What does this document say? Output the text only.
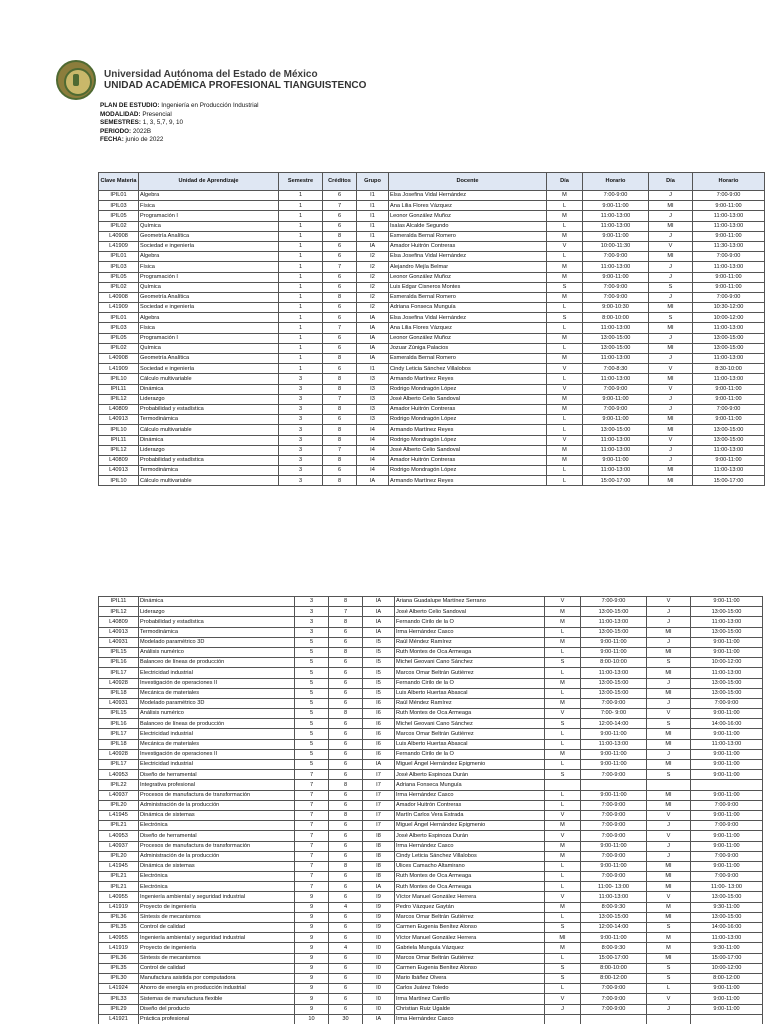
Universidad Autónoma del Estado de México
UNIDAD ACADÉMICA PROFESIONAL TIANGUISTENCO
PLAN DE ESTUDIO: Ingeniería en Producción Industrial
MODALIDAD: Presencial
SEMESTRES: 1, 3, 5,7, 9, 10
PERIODO: 2022B
FECHA: junio de 2022
Clave Materia	Unidad de Aprendizaje	Semestre	Créditos	Grupo	Docente	Día	Horario	Día	Horario
IPIL01	Algebra	1	6	I1	Elsa Josefina Vidal Hernández	M	7:00-9:00	J	7:00-9:00
IPIL03	Física	1	7	I1	Ana Lilia Flores Vázquez	L	9:00-11:00	MI	9:00-11:00
IPIL05	Programación I	1	6	I1	Leonor González Muñoz	M	11:00-13:00	J	11:00-13:00
IPIL02	Química	1	6	I1	Isaías Alcalde Segundo	L	11:00-13:00	MI	11:00-13:00
L40908	Geometría Analítica	1	8	I1	Esmeralda Bernal Romero	M	9:00-11:00	J	9:00-11:00
L41909	Sociedad e ingeniería	1	6	IA	Amador Huitrón Contreras	V	10:00-11:30	V	11:30-13:00
IPIL01	Algebra	1	6	I2	Elsa Josefina Vidal Hernández	L	7:00-9:00	MI	7:00-9:00
IPIL03	Física	1	7	I2	Alejandro Mejía Belmar	M	11:00-13:00	J	11:00-13:00
IPIL05	Programación I	1	6	I2	Leonor González Muñoz	M	9:00-11:00	J	9:00-11:00
IPIL02	Química	1	6	I2	Luis Edgar Cisneros Montes	S	7:00-9:00	S	9:00-11:00
L40908	Geometría Analítica	1	8	I2	Esmeralda Bernal Romero	M	7:00-9:00	J	7:00-9:00
L41909	Sociedad e ingeniería	1	6	I2	Adriana Fonseca Munguía	L	9:00-10:30	MI	10:30-12:00
IPIL01	Algebra	1	6	IA	Elsa Josefina Vidal Hernández	S	8:00-10:00	S	10:00-12:00
IPIL03	Física	1	7	IA	Ana Lilia Flores Vázquez	L	11:00-13:00	MI	11:00-13:00
IPIL05	Programación I	1	6	IA	Leonor González Muñoz	M	13:00-15:00	J	13:00-15:00
IPIL02	Química	1	6	IA	Jozuar Zúniga Palacios	L	13:00-15:00	MI	13:00-15:00
L40908	Geometría Analítica	1	8	IA	Esmeralda Bernal Romero	M	11:00-13:00	J	11:00-13:00
L41909	Sociedad e ingeniería	1	6	I1	Cindy Leticia Sánchez Villalobos	V	7:00-8:30	V	8:30-10:00
IPIL10	Cálculo multivariable	3	8	I3	Armando Martínez Reyes	L	11:00-13:00	MI	11:00-13:00
IPIL11	Dinámica	3	8	I3	Rodrigo Mondragón López	V	7:00-9:00	V	9:00-11:00
IPIL12	Liderazgo	3	7	I3	José Alberto Celio Sandoval	M	9:00-11:00	J	9:00-11:00
L40809	Probabilidad y estadística	3	8	I3	Amador Huitrón Contreras	M	7:00-9:00	J	7:00-9:00
L40913	Termodinámica	3	6	I3	Rodrigo Mondragón López	L	9:00-11:00	MI	9:00-11:00
IPIL10	Cálculo multivariable	3	8	I4	Armando Martínez Reyes	L	13:00-15:00	MI	13:00-15:00
IPIL11	Dinámica	3	8	I4	Rodrigo Mondragón López	V	11:00-13:00	V	13:00-15:00
IPIL12	Liderazgo	3	7	I4	José Alberto Celio Sandoval	M	11:00-13:00	J	11:00-13:00
L40809	Probabilidad y estadística	3	8	I4	Amador Huitrón Contreras	M	9:00-11:00	J	9:00-11:00
L40913	Termodinámica	3	6	I4	Rodrigo Mondragón López	L	11:00-13:00	MI	11:00-13:00
IPIL10	Cálculo multivariable	3	8	IA	Armando Martínez Reyes	L	15:00-17:00	MI	15:00-17:00
IPIL11	Dinámica	3	8	IA	Ariana Guadalupe Martínez Serrano	V	7:00-9:00	V	9:00-11:00
IPIL12	Liderazgo	3	7	IA	José Alberto Celio Sandoval	M	13:00-15:00	J	13:00-15:00
L40809	Probabilidad y estadística	3	8	IA	Fernando Cirilo de la O	M	11:00-13:00	J	11:00-13:00
L40913	Termodinámica	3	6	IA	Irma Hernández Casco	L	13:00-15:00	MI	13:00-15:00
L40931	Modelado paramétrico 3D	5	6	I5	Raúl Méndez Ramírez	M	9:00-11:00	J	9:00-11:00
IPIL15	Análisis numérico	5	8	I5	Ruth Montes de Oca Armeaga	L	9:00-11:00	MI	9:00-11:00
IPIL16	Balanceo de líneas de producción	5	6	I5	Michel Geovani Cano Sánchez	S	8:00-10:00	S	10:00-12:00
IPIL17	Electricidad industrial	5	6	I5	Marcos Omar Beltrán Gutiérrez	L	11:00-13:00	MI	11:00-13:00
L40928	Investigación de operaciones II	5	6	I5	Fernando Cirilo de la O	M	13:00-15:00	J	13:00-15:00
IPIL18	Mecánica de materiales	5	6	I5	Luis Alberto Huertas Abascal	L	13:00-15:00	MI	13:00-15:00
L40931	Modelado paramétrico 3D	5	6	I6	Raúl Méndez Ramírez	M	7:00-9:00	J	7:00-9:00
IPIL15	Análisis numérico	5	8	I6	Ruth Montes de Oca Armeaga	V	7:00- 9:00	V	9:00-11:00
IPIL16	Balanceo de líneas de producción	5	6	I6	Michel Geovani Cano Sánchez	S	12:00-14:00	S	14:00-16:00
IPIL17	Electricidad industrial	5	6	I6	Marcos Omar Beltrán Gutiérrez	L	9:00-11:00	MI	9:00-11:00
IPIL18	Mecánica de materiales	5	6	I6	Luis Alberto Huertas Abascal	L	11:00-13:00	MI	11:00-13:00
L40928	Investigación de operaciones II	5	6	I6	Fernando Cirilo de la O	M	9:00-11:00	J	9:00-11:00
IPIL17	Electricidad industrial	5	6	IA	Miguel Ángel Hernández Epigmenio	L	9:00-11:00	MI	9:00-11:00
L40953	Diseño de herramental	7	6	I7	José Alberto Espinoza Durán	S	7:00-9:00	S	9:00-11:00
IPIL22	Integrativa profesional	7	8	I7	Adriana Fonseca Munguía				
L40937	Procesos de manufactura de transformación	7	6	I7	Irma Hernández Casco	L	9:00-11:00	MI	9:00-11:00
IPIL20	Administración de la producción	7	6	I7	Amador Huitrón Contreras	L	7:00-9:00	MI	7:00-9:00
L41945	Dinámica de sistemas	7	8	I7	Martín Carlos Vera Estrada	V	7:00-9:00	V	9:00-11:00
IPIL21	Electrónica	7	6	I7	Miguel Ángel Hernández Epigmenio	M	7:00-9:00	J	7:00-9:00
L40953	Diseño de herramental	7	6	I8	José Alberto Espinoza Durán	V	7:00-9:00	V	9:00-11:00
L40937	Procesos de manufactura de transformación	7	6	I8	Irma Hernández Casco	M	9:00-11:00	J	9:00-11:00
IPIL20	Administración de la producción	7	6	I8	Cindy Leticia Sánchez Villalobos	M	7:00-9:00	J	7:00-9:00
L41945	Dinámica de sistemas	7	8	I8	Ulices Camacho Altamirano	L	9:00-11:00	MI	9:00-11:00
IPIL21	Electrónica	7	6	I8	Ruth Montes de Oca Armeaga	L	7:00-9:00	MI	7:00-9:00
IPIL21	Electrónica	7	6	IA	Ruth Montes de Oca Armeaga	L	11:00- 13:00	MI	11:00- 13:00
L40955	Ingeniería ambiental y seguridad industrial	9	6	I9	Víctor Manuel González Herrera	V	11:00-13:00	V	13:00-15:00
L41919	Proyecto de ingeniería	9	4	I9	Pedro Vázquez Gaytán	M	8:00-9:30	M	9:30-11:00
IPIL36	Síntesis de mecanismos	9	6	I9	Marcos Omar Beltrán Gutiérrez	L	13:00-15:00	MI	13:00-15:00
IPIL35	Control de calidad	9	6	I9	Carmen Eugenia Benítez Alonso	S	12:00-14:00	S	14:00-16:00
L40955	Ingeniería ambiental y seguridad industrial	9	6	I0	Víctor Manuel González Herrera	MI	9:00-11:00	M	11:00-13:00
L41919	Proyecto de ingeniería	9	4	I0	Gabriela Munguía Vázquez	M	8:00-9:30	M	9:30-11:00
IPIL36	Síntesis de mecanismos	9	6	I0	Marcos Omar Beltrán Gutiérrez	L	15:00-17:00	MI	15:00-17:00
IPIL35	Control de calidad	9	6	I0	Carmen Eugenia Benítez Alonso	S	8:00-10:00	S	10:00-12:00
IPIL30	Manufactura asistida por computadora	9	6	I0	Mario Ibáñez Olvera	S	8:00-12:00	S	8:00-12:00
L41924	Ahorro de energía en producción industrial	9	6	I0	Carlos Juárez Toledo	L	7:00-9:00	L	9:00-11:00
IPIL33	Sistemas de manufactura flexible	9	6	I0	Irma Martínez Carrillo	V	7:00-9:00	V	9:00-11:00
IPIL29	Diseño del producto	9	6	I0	Christian Ruiz Ugalde	J	7:00-9:00	J	9:00-11:00
L41921	Práctica profesional	10	30	IA	Irma Hernández Casco				
